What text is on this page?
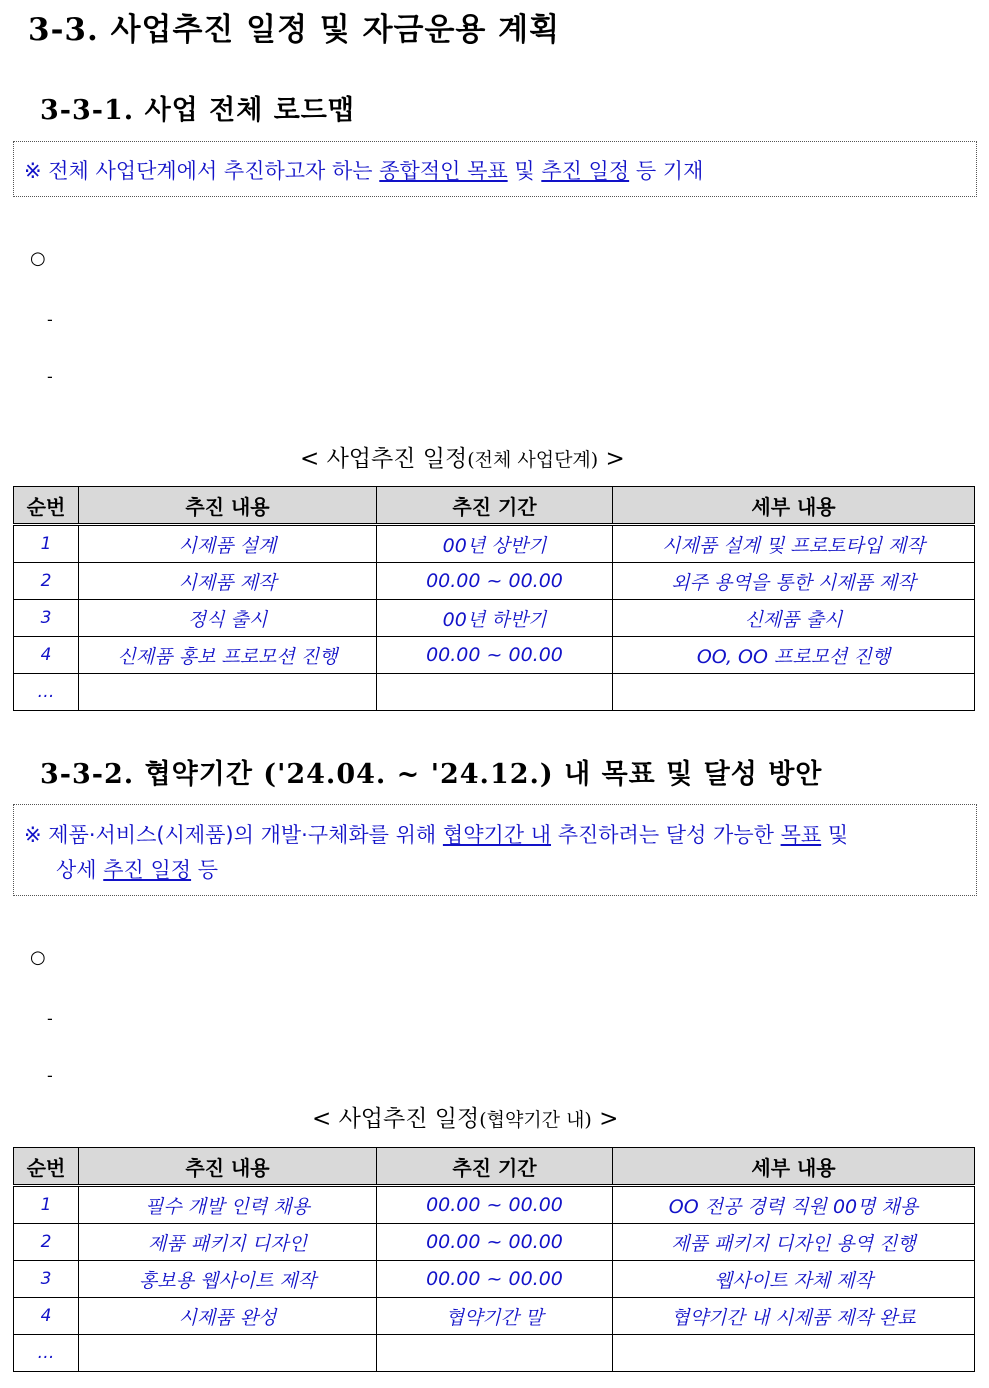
3-3. 사업추진 일정 및 자금운용 계획
3-3-1. 사업 전체 로드맵
※ 전체 사업단계에서 추진하고자 하는 종합적인 목표 및 추진 일정 등 기재
○
-
-
< 사업추진 일정(전체 사업단계) >
순번	추진 내용	추진 기간	세부 내용
1	시제품 설계	00년 상반기	시제품 설계 및 프로토타입 제작
2	시제품 제작	00.00 ~ 00.00	외주 용역을 통한 시제품 제작
3	정식 출시	00년 하반기	신제품 출시
4	신제품 홍보 프로모션 진행	00.00 ~ 00.00	OO, OO 프로모션 진행
…			
3-3-2. 협약기간 ('24.04. ~ '24.12.) 내 목표 및 달성 방안
※ 제품·서비스(시제품)의 개발·구체화를 위해 협약기간 내 추진하려는 달성 가능한 목표 및
상세 추진 일정 등
○
-
-
< 사업추진 일정(협약기간 내) >
순번	추진 내용	추진 기간	세부 내용
1	필수 개발 인력 채용	00.00 ~ 00.00	OO 전공 경력 직원 00명 채용
2	제품 패키지 디자인	00.00 ~ 00.00	제품 패키지 디자인 용역 진행
3	홍보용 웹사이트 제작	00.00 ~ 00.00	웹사이트 자체 제작
4	시제품 완성	협약기간 말	협약기간 내 시제품 제작 완료
…			
